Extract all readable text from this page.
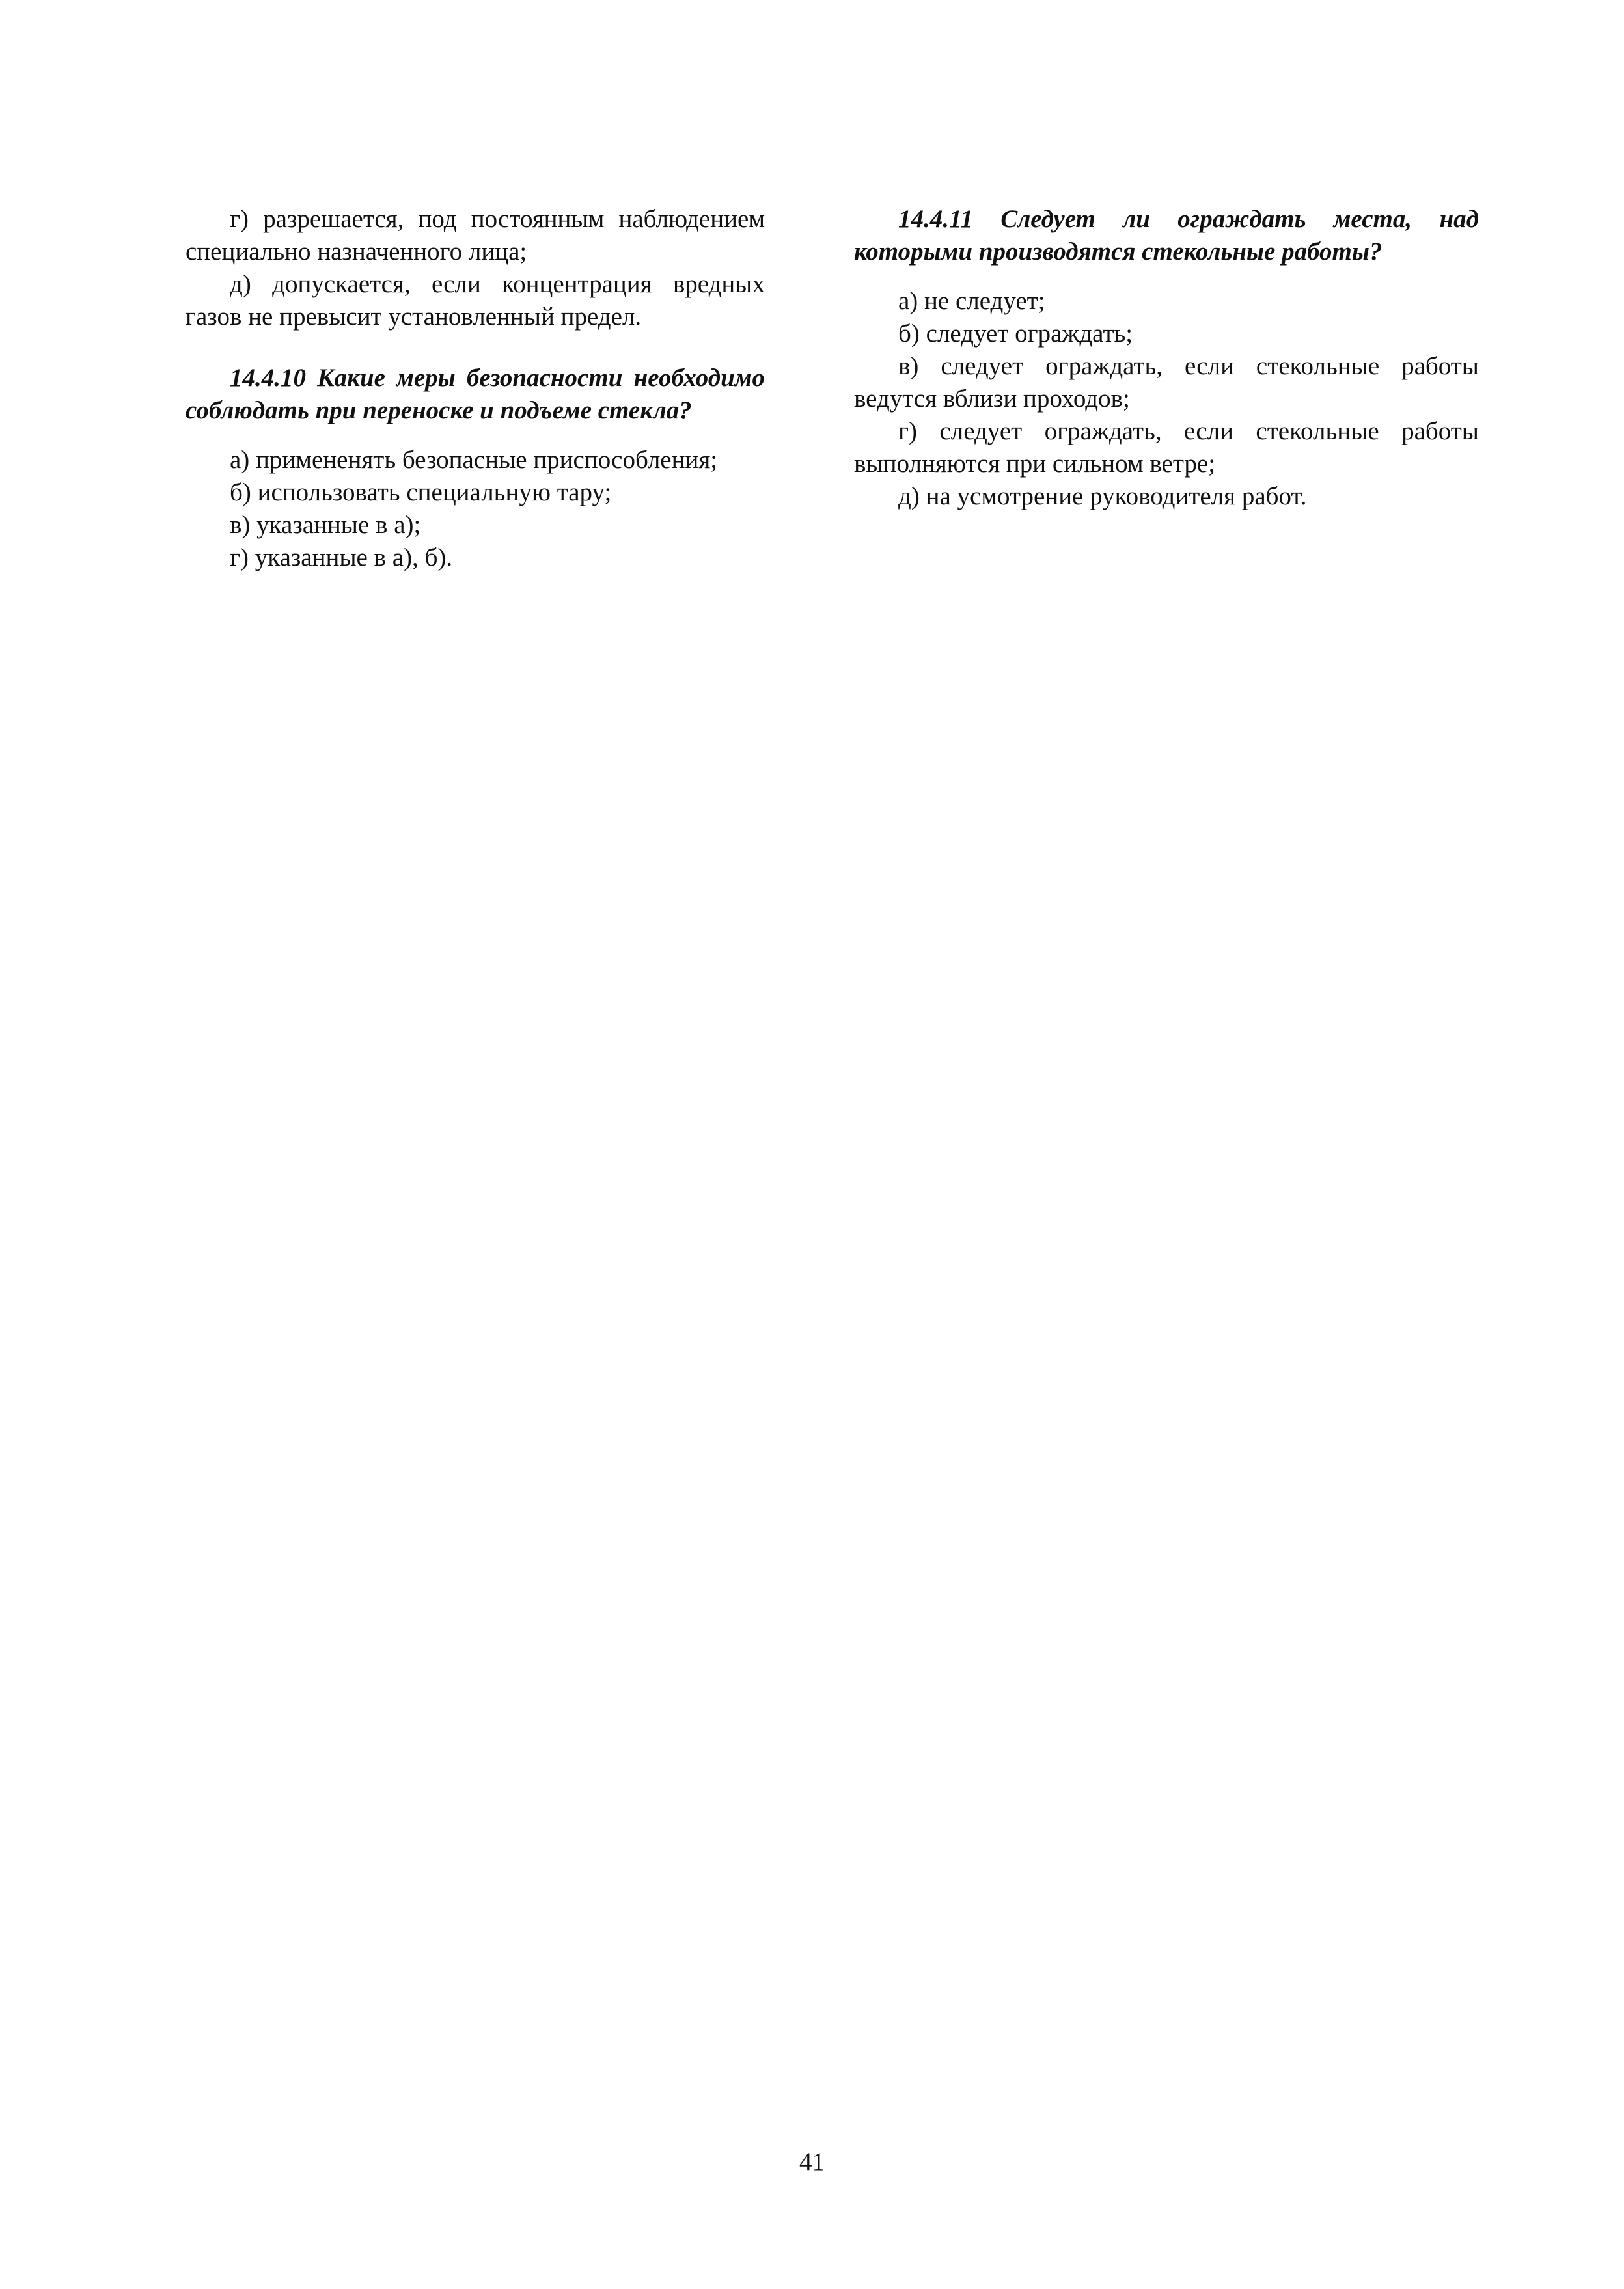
г) разрешается, под постоянным наблюдением специально назначенного лица;

д) допускается, если концентрация вредных газов не превысит установленный предел.

14.4.10 Какие меры безопасности необходимо соблюдать при переноске и подъеме стекла?

а) примененять безопасные приспособления;

б) использовать специальную тару;

в) указанные в а);

г) указанные в а), б).

14.4.11 Следует ли ограждать места, над которыми производятся стекольные работы?

а) не следует;

б) следует ограждать;

в) следует ограждать, если стекольные работы ведутся вблизи проходов;

г) следует ограждать, если стекольные работы выполняются при сильном ветре;

д) на усмотрение руководителя работ.

41
